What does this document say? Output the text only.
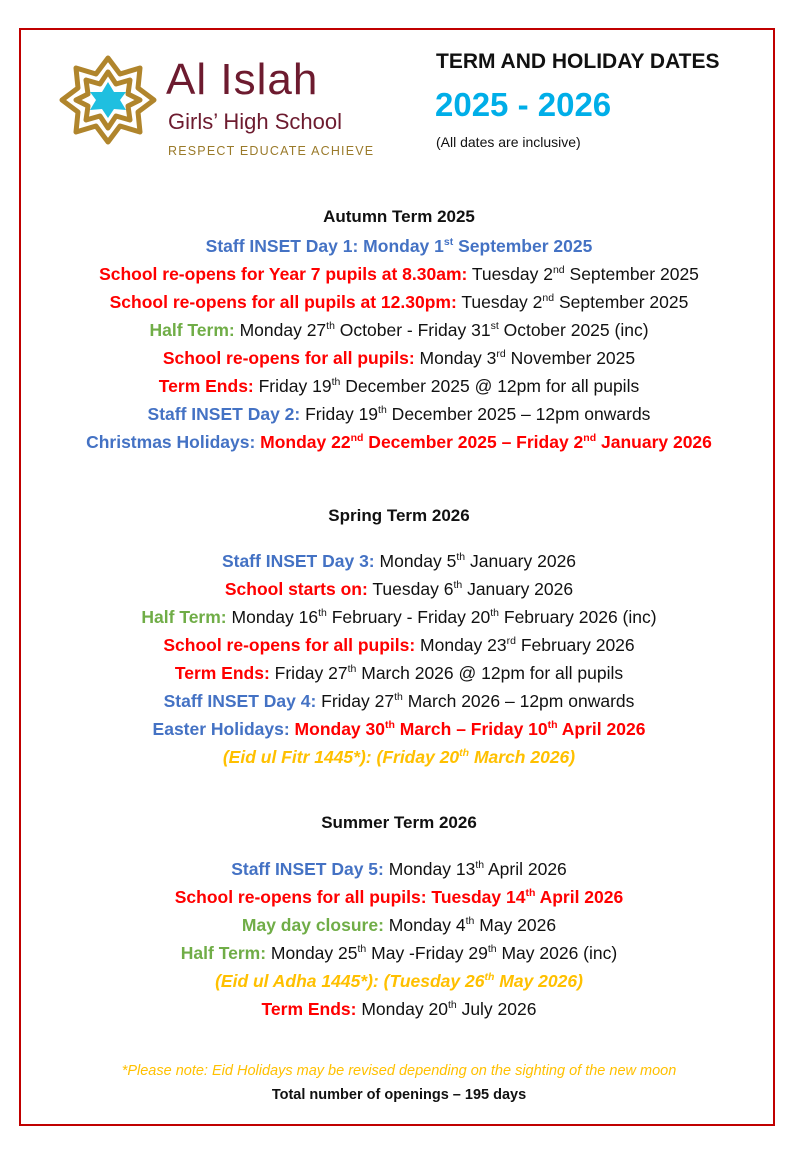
Al Islah
Girls’ High School
RESPECT EDUCATE ACHIEVE
TERM AND HOLIDAY DATES
2025 - 2026
(All dates are inclusive)
Autumn Term 2025
Staff INSET Day 1: Monday 1st September 2025
School re-opens for Year 7 pupils at 8.30am: Tuesday 2nd September 2025
School re-opens for all pupils at 12.30pm: Tuesday 2nd September 2025
Half Term: Monday 27th October - Friday 31st October 2025 (inc)
School re-opens for all pupils: Monday 3rd November 2025
Term Ends: Friday 19th December 2025 @ 12pm for all pupils
Staff INSET Day 2: Friday 19th December 2025 – 12pm onwards
Christmas Holidays: Monday 22nd December 2025 – Friday 2nd January 2026
Spring Term 2026
Staff INSET Day 3: Monday 5th January 2026
School starts on: Tuesday 6th January 2026
Half Term: Monday 16th February - Friday 20th February 2026 (inc)
School re-opens for all pupils: Monday 23rd February 2026
Term Ends: Friday 27th March 2026 @ 12pm for all pupils
Staff INSET Day 4: Friday 27th March 2026 – 12pm onwards
Easter Holidays: Monday 30th March – Friday 10th April 2026
(Eid ul Fitr 1445*): (Friday 20th March 2026)
Summer Term 2026
Staff INSET Day 5: Monday 13th April 2026
School re-opens for all pupils: Tuesday 14th April 2026
May day closure: Monday 4th May 2026
Half Term: Monday 25th May -Friday 29th May 2026 (inc)
(Eid ul Adha 1445*): (Tuesday 26th May 2026)
Term Ends: Monday 20th July 2026
*Please note: Eid Holidays may be revised depending on the sighting of the new moon
Total number of openings – 195 days
